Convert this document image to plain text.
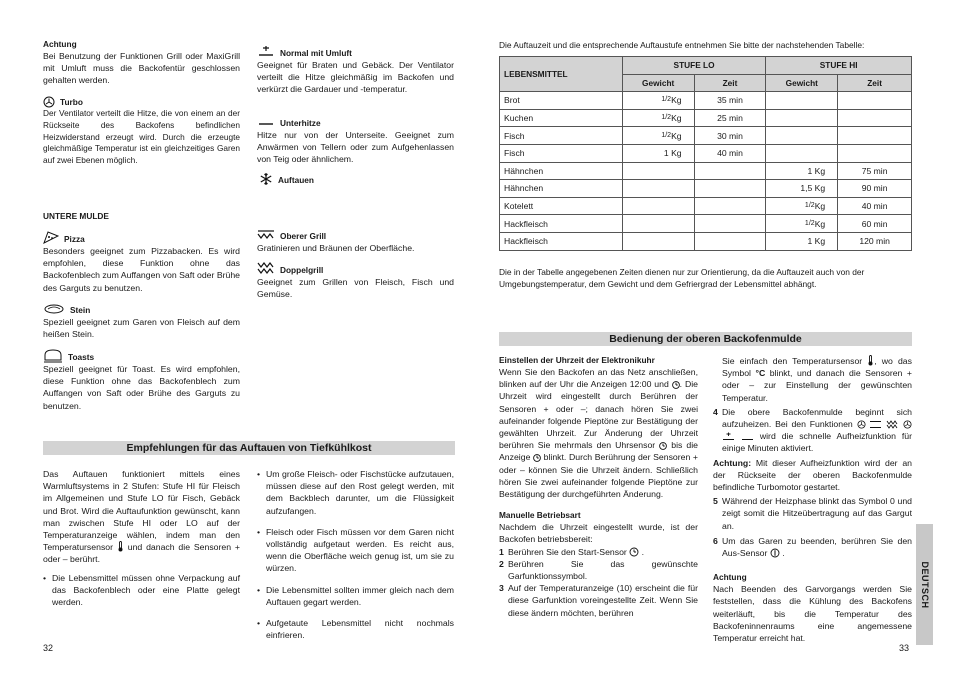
Achtung

Bei Benutzung der Funktionen Grill oder MaxiGrill mit Umluft muss die Backofentür geschlossen gehalten werden.

Turbo

Der Ventilator verteilt die Hitze, die von einem an der Rückseite des Backofens befindlichen Heizwiderstand erzeugt wird. Durch die erzeugte gleichmäßige Temperatur ist ein gleichzeitiges Garen auf zwei Ebenen möglich.

Normal mit Umluft

Geeignet für Braten und Gebäck. Der Ventilator verteilt die Hitze gleichmäßig im Backofen und verkürzt die Gardauer und -temperatur.

Unterhitze

Hitze nur von der Unterseite. Geeignet zum Anwärmen von Tellern oder zum Aufgehenlassen von Teig oder ähnlichem.

Auftauen

UNTERE MULDE

Pizza

Besonders geeignet zum Pizzabacken. Es wird empfohlen, diese Funktion ohne das Backofenblech zum Auffangen von Saft oder Brühe des Garguts zu benutzen.

Stein

Speziell geeignet zum Garen von Fleisch auf dem heißen Stein.

Toasts

Speziell geeignet für Toast. Es wird empfohlen, diese Funktion ohne das Backofenblech zum Auffangen von Saft oder Brühe des Garguts zu benutzen.

Oberer Grill

Gratinieren und Bräunen der Oberfläche.

Doppelgrill

Geeignet zum Grillen von Fleisch, Fisch und Gemüse.

Empfehlungen für das Auftauen von Tiefkühlkost

Das Auftauen funktioniert mittels eines Warmluftsystems in 2 Stufen: Stufe HI für Fleisch im Allgemeinen und Stufe LO für Fisch, Gebäck und Brot. Wird die Auftaufunktion gewünscht, kann man zwischen Stufe HI oder LO auf der Temperaturanzeige wählen, indem man den Temperatursensor und danach die Sensoren + oder – berührt.

• Die Lebensmittel müssen ohne Verpackung auf das Backofenblech oder eine Platte gelegt werden.
• Um große Fleisch- oder Fischstücke aufzutauen, müssen diese auf den Rost gelegt werden, mit dem Backblech darunter, um die Flüssigkeit aufzufangen.
• Fleisch oder Fisch müssen vor dem Garen nicht vollständig aufgetaut werden. Es reicht aus, wenn die Oberfläche weich genug ist, um sie zu würzen.
• Die Lebensmittel sollten immer gleich nach dem Auftauen gegart werden.
• Aufgetaute Lebensmittel nicht nochmals einfrieren.
32

Die Auftauzeit und die entsprechende Auftaustufe entnehmen Sie bitte der nachstehenden Tabelle:

LEBENSMITTEL	STUFE LO		STUFE HI	
	Gewicht	Zeit	Gewicht	Zeit
Brot	$^{1/2}$Kg	35 min		
Kuchen	$^{1/2}$Kg	25 min		
Fisch	$^{1/2}$Kg	30 min		
Fisch	1 Kg	40 min		
Hähnchen			1 Kg	75 min
Hähnchen			1,5 Kg	90 min
Kotelett			$^{1/2}$Kg	40 min
Hackfleisch			$^{1/2}$Kg	60 min
Hackfleisch			1 Kg	120 min

Die in der Tabelle angegebenen Zeiten dienen nur zur Orientierung, da die Auftauzeit auch von der Umgebungstemperatur, dem Gewicht und dem Gefriergrad der Lebensmittel abhängt.

Bedienung der oberen Backofenmulde

Einstellen der Uhrzeit der Elektronikuhr

Wenn Sie den Backofen an das Netz anschließen, blinken auf der Uhr die Anzeigen 12:00 und . Die Uhrzeit wird eingestellt durch Berühren der Sensoren + oder –; danach hören Sie zwei aufeinander folgende Pieptöne zur Bestätigung der gewählten Uhrzeit. Zur Änderung der Uhrzeit berühren Sie mehrmals den Uhrsensor bis die Anzeige blinkt. Durch Berührung der Sensoren + oder – können Sie die Uhrzeit ändern. Schließlich hören Sie zwei aufeinander folgende Pieptöne zur Bestätigung der durchgeführten Änderung.

Manuelle Betriebsart

Nachdem die Uhrzeit eingestellt wurde, ist der Backofen betriebsbereit:

1 Berühren Sie den Start-Sensor  .
2 Berühren Sie das gewünschte Garfunktionssymbol.
3 Auf der Temperaturanzeige (10) erscheint die für diese Garfunktion voreingestellte Zeit. Wenn Sie diese ändern möchten, berühren

Sie einfach den Temperatursensor , wo das Symbol °C blinkt, und danach die Sensoren + oder – zur Einstellung der gewünschten Temperatur.

4 Die obere Backofenmulde beginnt sich aufzuheizen. Bei den Funktionen       wird die schnelle Aufheizfunktion für einige Minuten aktiviert.

Achtung: Mit dieser Aufheizfunktion wird der an der Rückseite der oberen Backofenmulde befindliche Turbomotor gestartet.

5 Während der Heizphase blinkt das Symbol 0 und zeigt somit die Hitzeübertragung auf das Gargut an.
6 Um das Garen zu beenden, berühren Sie den Aus-Sensor  .

Achtung

Nach Beenden des Garvorgangs werden Sie feststellen, dass die Kühlung des Backofens weiterläuft, bis die Temperatur des Backofeninnenraums eine angemessene Temperatur erreicht hat.

33
DEUTSCH
